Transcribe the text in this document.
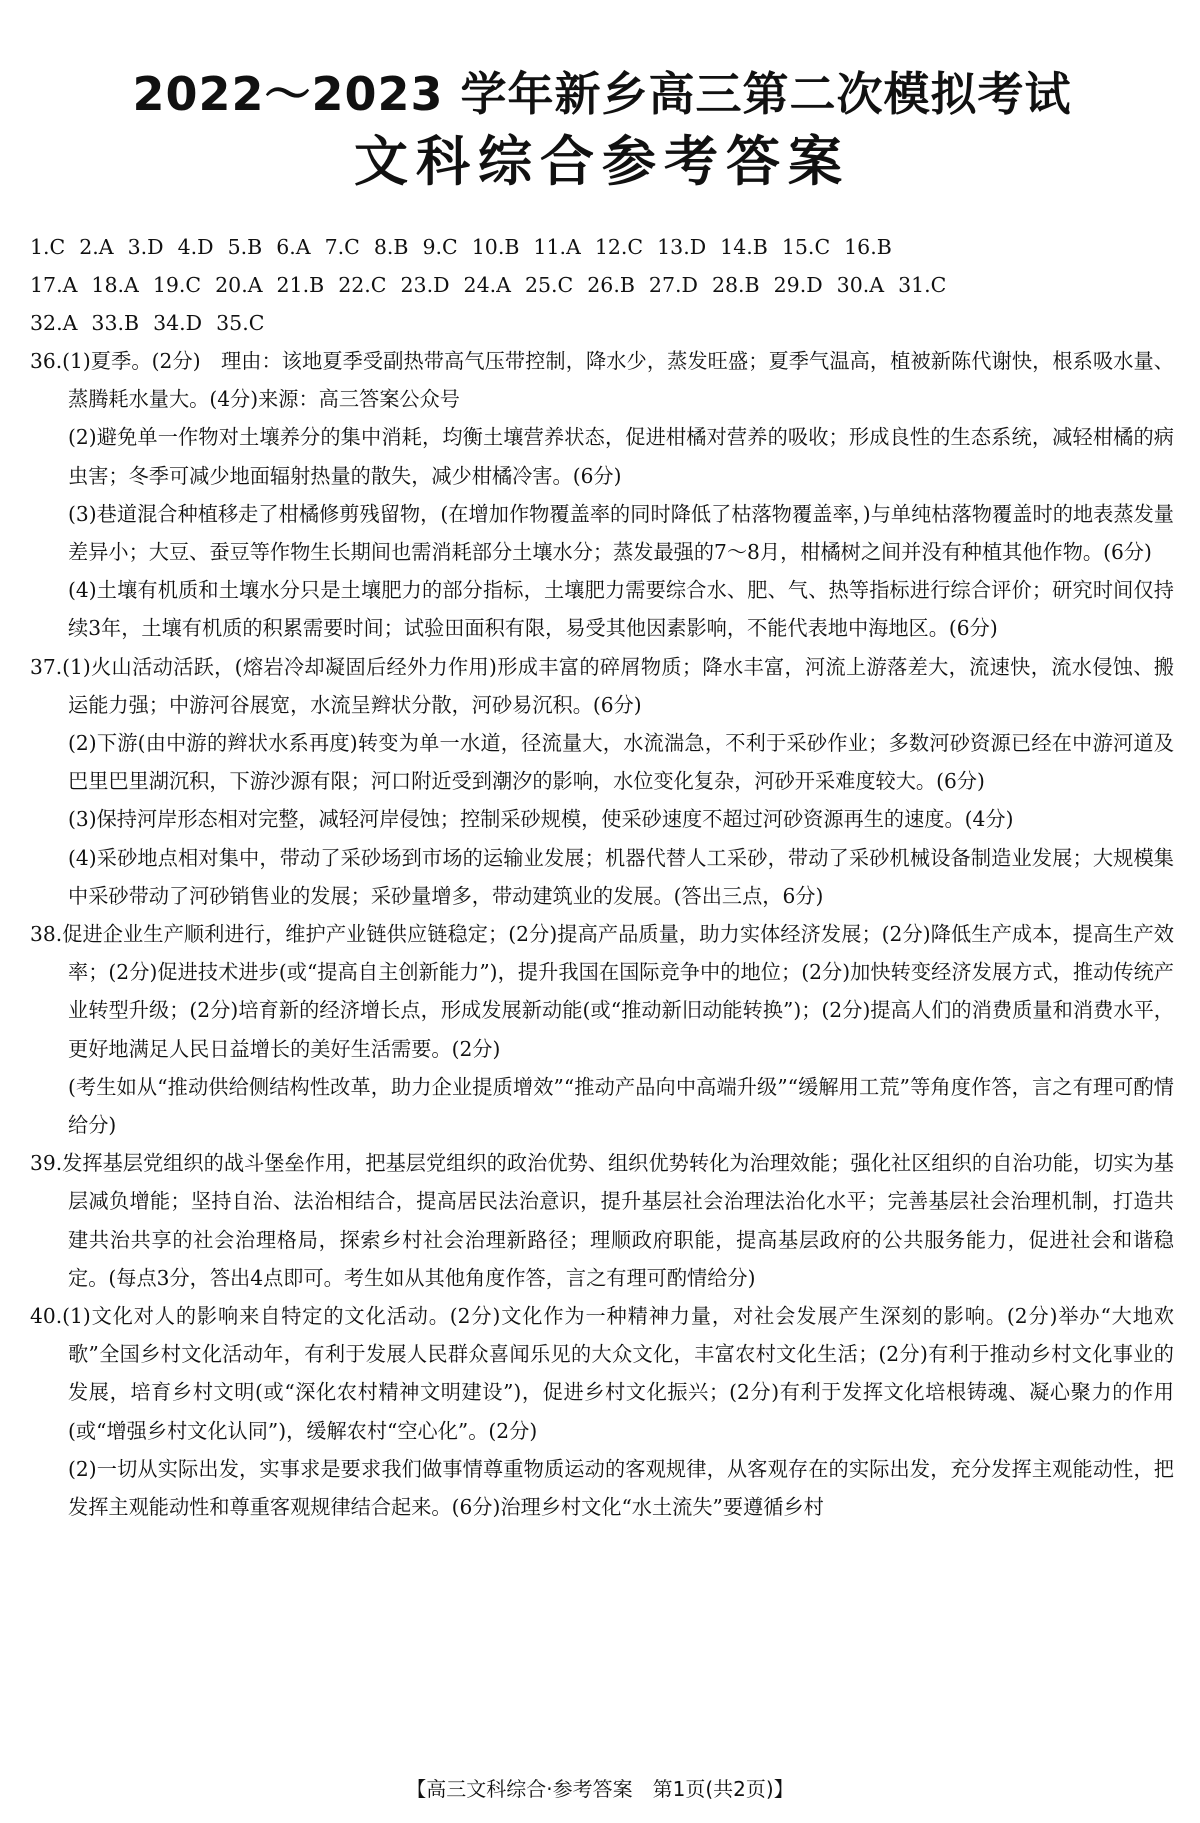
2022～2023 学年新乡高三第二次模拟考试
文科综合参考答案
1.C 2.A 3.D 4.D 5.B 6.A 7.C 8.B 9.C 10.B 11.A 12.C 13.D 14.B 15.C 16.B
17.A 18.A 19.C 20.A 21.B 22.C 23.D 24.A 25.C 26.B 27.D 28.B 29.D 30.A 31.C
32.A 33.B 34.D 35.C

36.(1)夏季。(2分)　理由：该地夏季受副热带高气压带控制，降水少，蒸发旺盛；夏季气温高，植被新陈代谢快，根系吸水量、蒸腾耗水量大。(4分)来源：高三答案公众号

(2)避免单一作物对土壤养分的集中消耗，均衡土壤营养状态，促进柑橘对营养的吸收；形成良性的生态系统，减轻柑橘的病虫害；冬季可减少地面辐射热量的散失，减少柑橘冷害。(6分)

(3)巷道混合种植移走了柑橘修剪残留物，(在增加作物覆盖率的同时降低了枯落物覆盖率，)与单纯枯落物覆盖时的地表蒸发量差异小；大豆、蚕豆等作物生长期间也需消耗部分土壤水分；蒸发最强的7～8月，柑橘树之间并没有种植其他作物。(6分)

(4)土壤有机质和土壤水分只是土壤肥力的部分指标，土壤肥力需要综合水、肥、气、热等指标进行综合评价；研究时间仅持续3年，土壤有机质的积累需要时间；试验田面积有限，易受其他因素影响，不能代表地中海地区。(6分)

37.(1)火山活动活跃，(熔岩冷却凝固后经外力作用)形成丰富的碎屑物质；降水丰富，河流上游落差大，流速快，流水侵蚀、搬运能力强；中游河谷展宽，水流呈辫状分散，河砂易沉积。(6分)

(2)下游(由中游的辫状水系再度)转变为单一水道，径流量大，水流湍急，不利于采砂作业；多数河砂资源已经在中游河道及巴里巴里湖沉积，下游沙源有限；河口附近受到潮汐的影响，水位变化复杂，河砂开采难度较大。(6分)

(3)保持河岸形态相对完整，减轻河岸侵蚀；控制采砂规模，使采砂速度不超过河砂资源再生的速度。(4分)

(4)采砂地点相对集中，带动了采砂场到市场的运输业发展；机器代替人工采砂，带动了采砂机械设备制造业发展；大规模集中采砂带动了河砂销售业的发展；采砂量增多，带动建筑业的发展。(答出三点，6分)

38.促进企业生产顺利进行，维护产业链供应链稳定；(2分)提高产品质量，助力实体经济发展；(2分)降低生产成本，提高生产效率；(2分)促进技术进步(或“提高自主创新能力”)，提升我国在国际竞争中的地位；(2分)加快转变经济发展方式，推动传统产业转型升级；(2分)培育新的经济增长点，形成发展新动能(或“推动新旧动能转换”)；(2分)提高人们的消费质量和消费水平，更好地满足人民日益增长的美好生活需要。(2分)

(考生如从“推动供给侧结构性改革，助力企业提质增效”“推动产品向中高端升级”“缓解用工荒”等角度作答，言之有理可酌情给分)

39.发挥基层党组织的战斗堡垒作用，把基层党组织的政治优势、组织优势转化为治理效能；强化社区组织的自治功能，切实为基层减负增能；坚持自治、法治相结合，提高居民法治意识，提升基层社会治理法治化水平；完善基层社会治理机制，打造共建共治共享的社会治理格局，探索乡村社会治理新路径；理顺政府职能，提高基层政府的公共服务能力，促进社会和谐稳定。(每点3分，答出4点即可。考生如从其他角度作答，言之有理可酌情给分)

40.(1)文化对人的影响来自特定的文化活动。(2分)文化作为一种精神力量，对社会发展产生深刻的影响。(2分)举办“大地欢歌”全国乡村文化活动年，有利于发展人民群众喜闻乐见的大众文化，丰富农村文化生活；(2分)有利于推动乡村文化事业的发展，培育乡村文明(或“深化农村精神文明建设”)，促进乡村文化振兴；(2分)有利于发挥文化培根铸魂、凝心聚力的作用(或“增强乡村文化认同”)，缓解农村“空心化”。(2分)

(2)一切从实际出发，实事求是要求我们做事情尊重物质运动的客观规律，从客观存在的实际出发，充分发挥主观能动性，把发挥主观能动性和尊重客观规律结合起来。(6分)治理乡村文化“水土流失”要遵循乡村

【高三文科综合·参考答案　第1页(共2页)】
